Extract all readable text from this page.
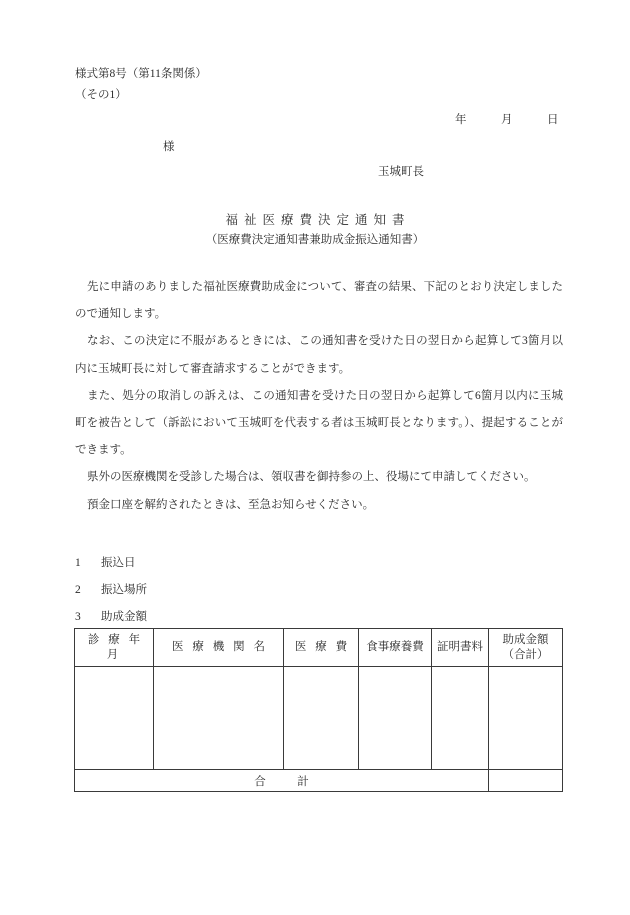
様式第8号（第11条関係）
（その1）
年　　　月　　　日
様
玉城町長
福祉医療費決定通知書
（医療費決定通知書兼助成金振込通知書）

先に申請のありました福祉医療費助成金について、審査の結果、下記のとおり決定しましたので通知します。

なお、この決定に不服があるときには、この通知書を受けた日の翌日から起算して3箇月以内に玉城町長に対して審査請求することができます。

また、処分の取消しの訴えは、この通知書を受けた日の翌日から起算して6箇月以内に玉城町を被告として（訴訟において玉城町を代表する者は玉城町長となります。）、提起することができます。

県外の医療機関を受診した場合は、領収書を御持参の上、役場にて申請してください。

預金口座を解約されたときは、至急お知らせください。

1	振込日
2	振込場所
3	助成金額
診 療 年 月	医 療 機 関 名	医 療 費	食事療養費	証明書料	助成金額
（合計）

合　計					
